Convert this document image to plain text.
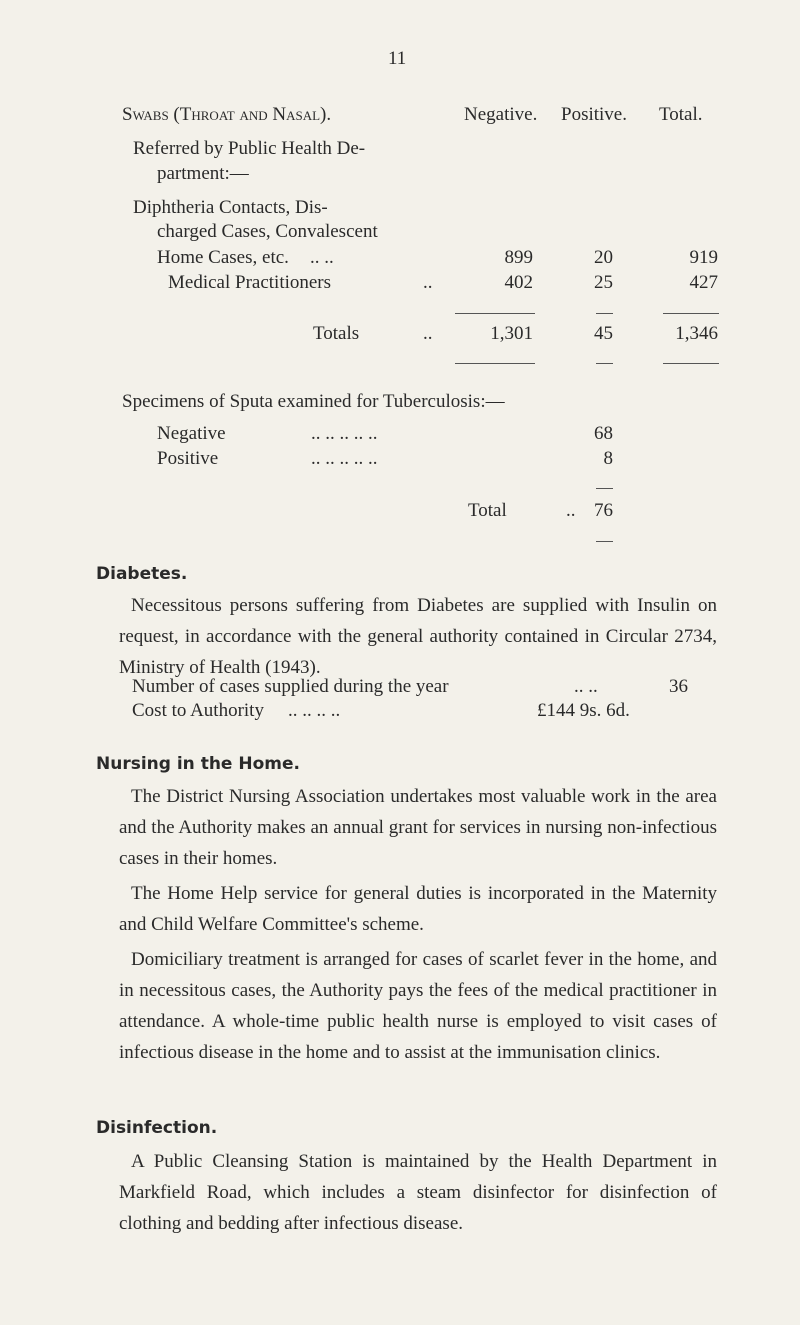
11
Swabs (Throat and Nasal).	Negative. Positive. Total.
Referred by Public Health De-
partment:—
Diphtheria Contacts, Dis-
charged Cases, Convalescent
Home Cases, etc. .. ..	899	20	919
Medical Practitioners	..	402	25	427
Totals	..	1,301	45	1,346
Specimens of Sputa examined for Tuberculosis:—
Negative	.. .. .. .. ..	68
Positive	.. .. .. .. ..	8
Total	.. 76
Diabetes.
Necessitous persons suffering from Diabetes are supplied with Insulin on request, in accordance with the general authority contained in Circular 2734, Ministry of Health (1943).
Number of cases supplied during the year	.. ..	36
Cost to Authority .. .. .. ..	£144 9s. 6d.
Nursing in the Home.
The District Nursing Association undertakes most valuable work in the area and the Authority makes an annual grant for services in nursing non-infectious cases in their homes.
The Home Help service for general duties is incorporated in the Maternity and Child Welfare Committee's scheme.
Domiciliary treatment is arranged for cases of scarlet fever in the home, and in necessitous cases, the Authority pays the fees of the medical practitioner in attendance. A whole-time public health nurse is employed to visit cases of infectious disease in the home and to assist at the immunisation clinics.
Disinfection.
A Public Cleansing Station is maintained by the Health Department in Markfield Road, which includes a steam disinfector for disinfection of clothing and bedding after infectious disease.
